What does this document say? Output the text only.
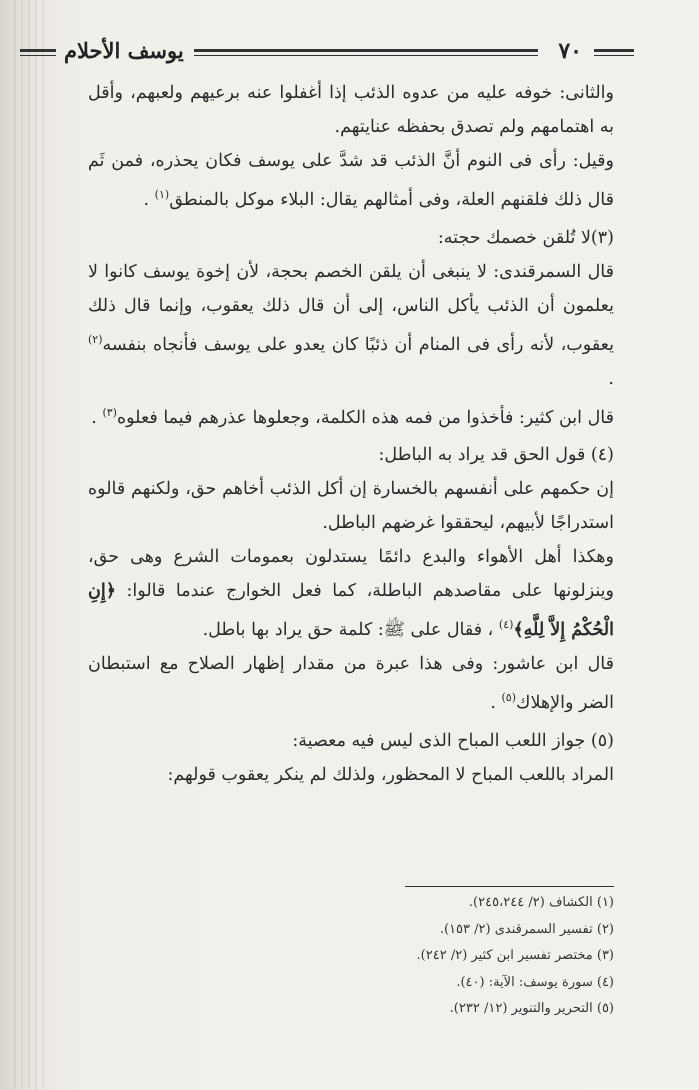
٧٠
يوسف الأحلام

والثانى: خوفه عليه من عدوه الذئب إذا أغفلوا عنه برعيهم ولعبهم، وأقل به اهتمامهم ولم تصدق بحفظه عنايتهم.

وقيل: رأى فى النوم أنَّ الذئب قد شدَّ على يوسف فكان يحذره، فمن ثَم قال ذلك فلقنهم العلة، وفى أمثالهم يقال: البلاء موكل بالمنطق$^{(١)}$ .

(٣)لا تُلقن خصمك حجته:

قال السمرقندى: لا ينبغى أن يلقن الخصم بحجة، لأن إخوة يوسف كانوا لا يعلمون أن الذئب يأكل الناس، إلى أن قال ذلك يعقوب، وإنما قال ذلك يعقوب، لأنه رأى فى المنام أن ذئبًا كان يعدو على يوسف فأنجاه بنفسه$^{(٢)}$ .

قال ابن كثير: فأخذوا من فمه هذه الكلمة، وجعلوها عذرهم فيما فعلوه$^{(٣)}$ .

(٤) قول الحق قد يراد به الباطل:

إن حكمهم على أنفسهم بالخسارة إن أكل الذئب أخاهم حق، ولكنهم قالوه استدراجًا لأبيهم، ليحققوا غرضهم الباطل.

وهكذا أهل الأهواء والبدع دائمًا يستدلون بعمومات الشرع وهى حق، وينزلونها على مقاصدهم الباطلة، كما فعل الخوارج عندما قالوا: ﴿إِنِ الْحُكْمُ إِلاَّ لِلَّهِ﴾$^{(٤)}$ ، فقال على ﷺ: كلمة حق يراد بها باطل.

قال ابن عاشور: وفى هذا عبرة من مقدار إظهار الصلاح مع استبطان الضر والإهلاك$^{(٥)}$ .

(٥) جواز اللعب المباح الذى ليس فيه معصية:

المراد باللعب المباح لا المحظور، ولذلك لم ينكر يعقوب قولهم:

(١) الكشاف (٢/ ٢٤٥،٢٤٤).

(٢) تفسير السمرقندى (٢/ ١٥٣).

(٣) مختصر تفسير ابن كثير (٢/ ٢٤٢).

(٤) سورة يوسف: الآية: (٤٠).

(٥) التحرير والتنوير (١٢/ ٢٣٢).
